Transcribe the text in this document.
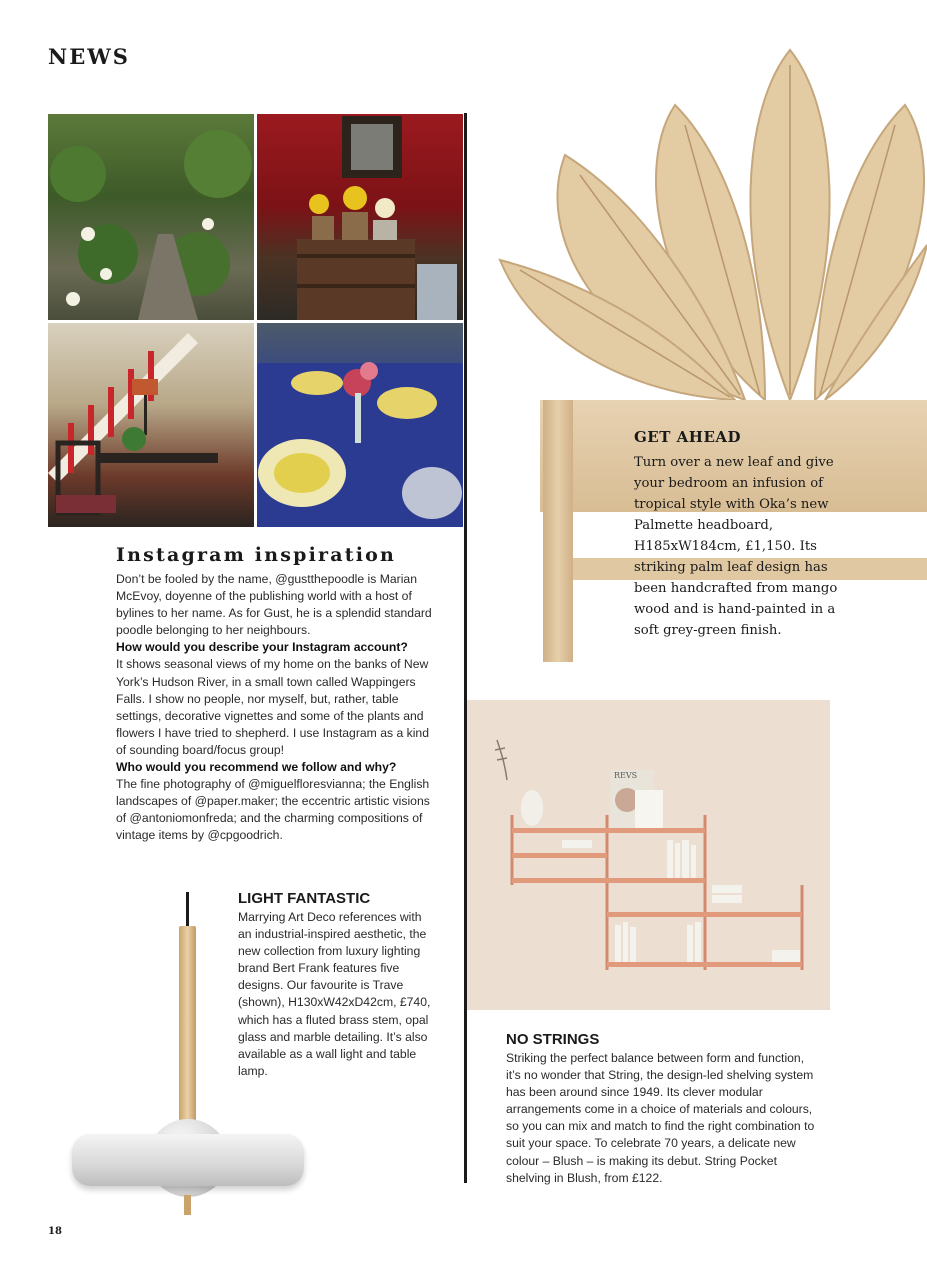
NEWS
Instagram inspiration

Don’t be fooled by the name, @gustthepoodle is Marian McEvoy, doyenne of the publishing world with a host of bylines to her name. As for Gust, he is a splendid standard poodle belonging to her neighbours.

How would you describe your Instagram account?

It shows seasonal views of my home on the banks of New York’s Hudson River, in a small town called Wappingers Falls. I show no people, nor myself, but, rather, table settings, decorative vignettes and some of the plants and flowers I have tried to shepherd. I use Instagram as a kind of sounding board/focus group!

Who would you recommend we follow and why?

The fine photography of @miguelfloresvianna; the English landscapes of @paper.maker; the eccentric artistic visions of @antoniomonfreda; and the charming compositions of vintage items by @cpgoodrich.

LIGHT FANTASTIC
Marrying Art Deco references with an industrial-inspired aesthetic, the new collection from luxury lighting brand Bert Frank features five designs. Our favourite is Trave (shown), H130xW42xD42cm, £740, which has a fluted brass stem, opal glass and marble detailing. It’s also available as a wall light and table lamp.
GET AHEAD
Turn over a new leaf and give your bedroom an infusion of tropical style with Oka’s new Palmette headboard, H185xW184cm, £1,150. Its striking palm leaf design has been handcrafted from mango wood and is hand-painted in a soft grey-green finish.
REVS
NO STRINGS
Striking the perfect balance between form and function, it’s no wonder that String, the design-led shelving system has been around since 1949. Its clever modular arrangements come in a choice of materials and colours, so you can mix and match to find the right combination to suit your space. To celebrate 70 years, a delicate new colour – Blush – is making its debut. String Pocket shelving in Blush, from £122.
18
